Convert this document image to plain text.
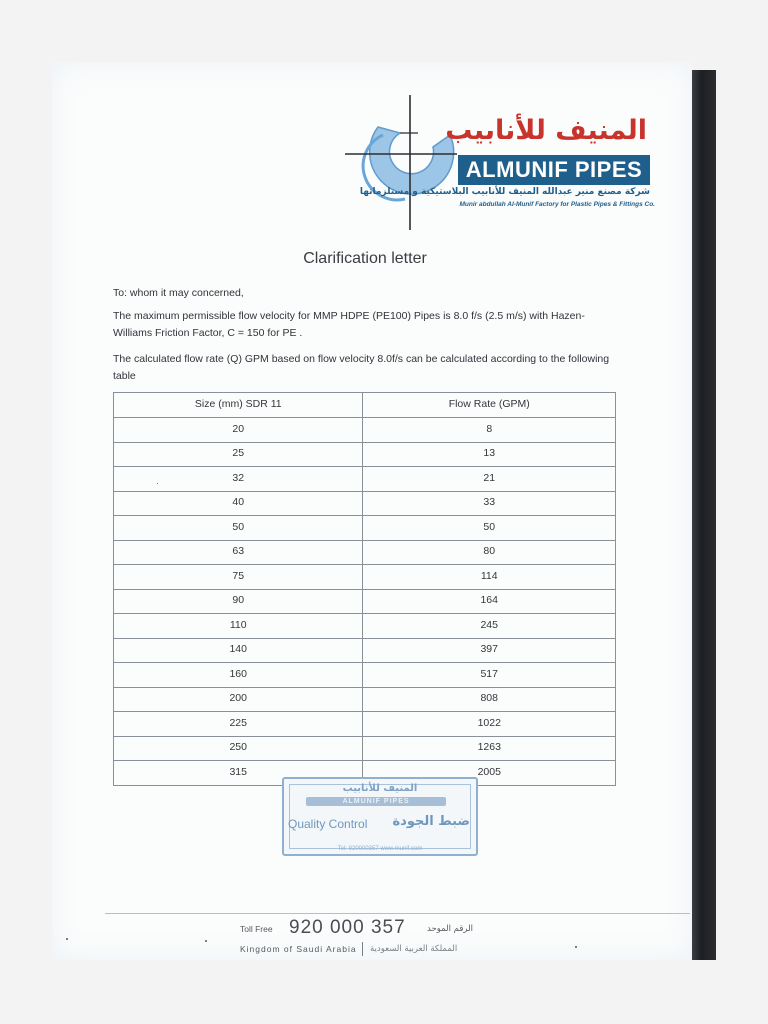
المنيف للأنابيب
ALMUNIF PIPES
شركة مصنع منير عبدالله المنيف للأنابيب البلاستيكية و مستلزماتها
Munir abdullah Al-Munif Factory for Plastic Pipes & Fittings Co.
Clarification letter
To: whom it may concerned,
The maximum permissible flow velocity for MMP HDPE (PE100) Pipes is 8.0 f/s (2.5 m/s) with Hazen-Williams Friction Factor, C = 150 for PE .
The calculated flow rate (Q) GPM based on flow velocity 8.0f/s can be calculated according to the following table
Size (mm) SDR 11	Flow Rate (GPM)
20	8
25	13
32	21
40	33
50	50
63	80
75	114
90	164
110	245
140	397
160	517
200	808
225	1022
250	1263
315	2005
المنيف للأنابيب
ALMUNIF PIPES
Quality Control ضبط الجودة
Tel: 920000357 www.munif.com
Toll Free 920 000 357	الرقم الموحد
Kingdom of Saudi Arabia المملكة العربية السعودية
